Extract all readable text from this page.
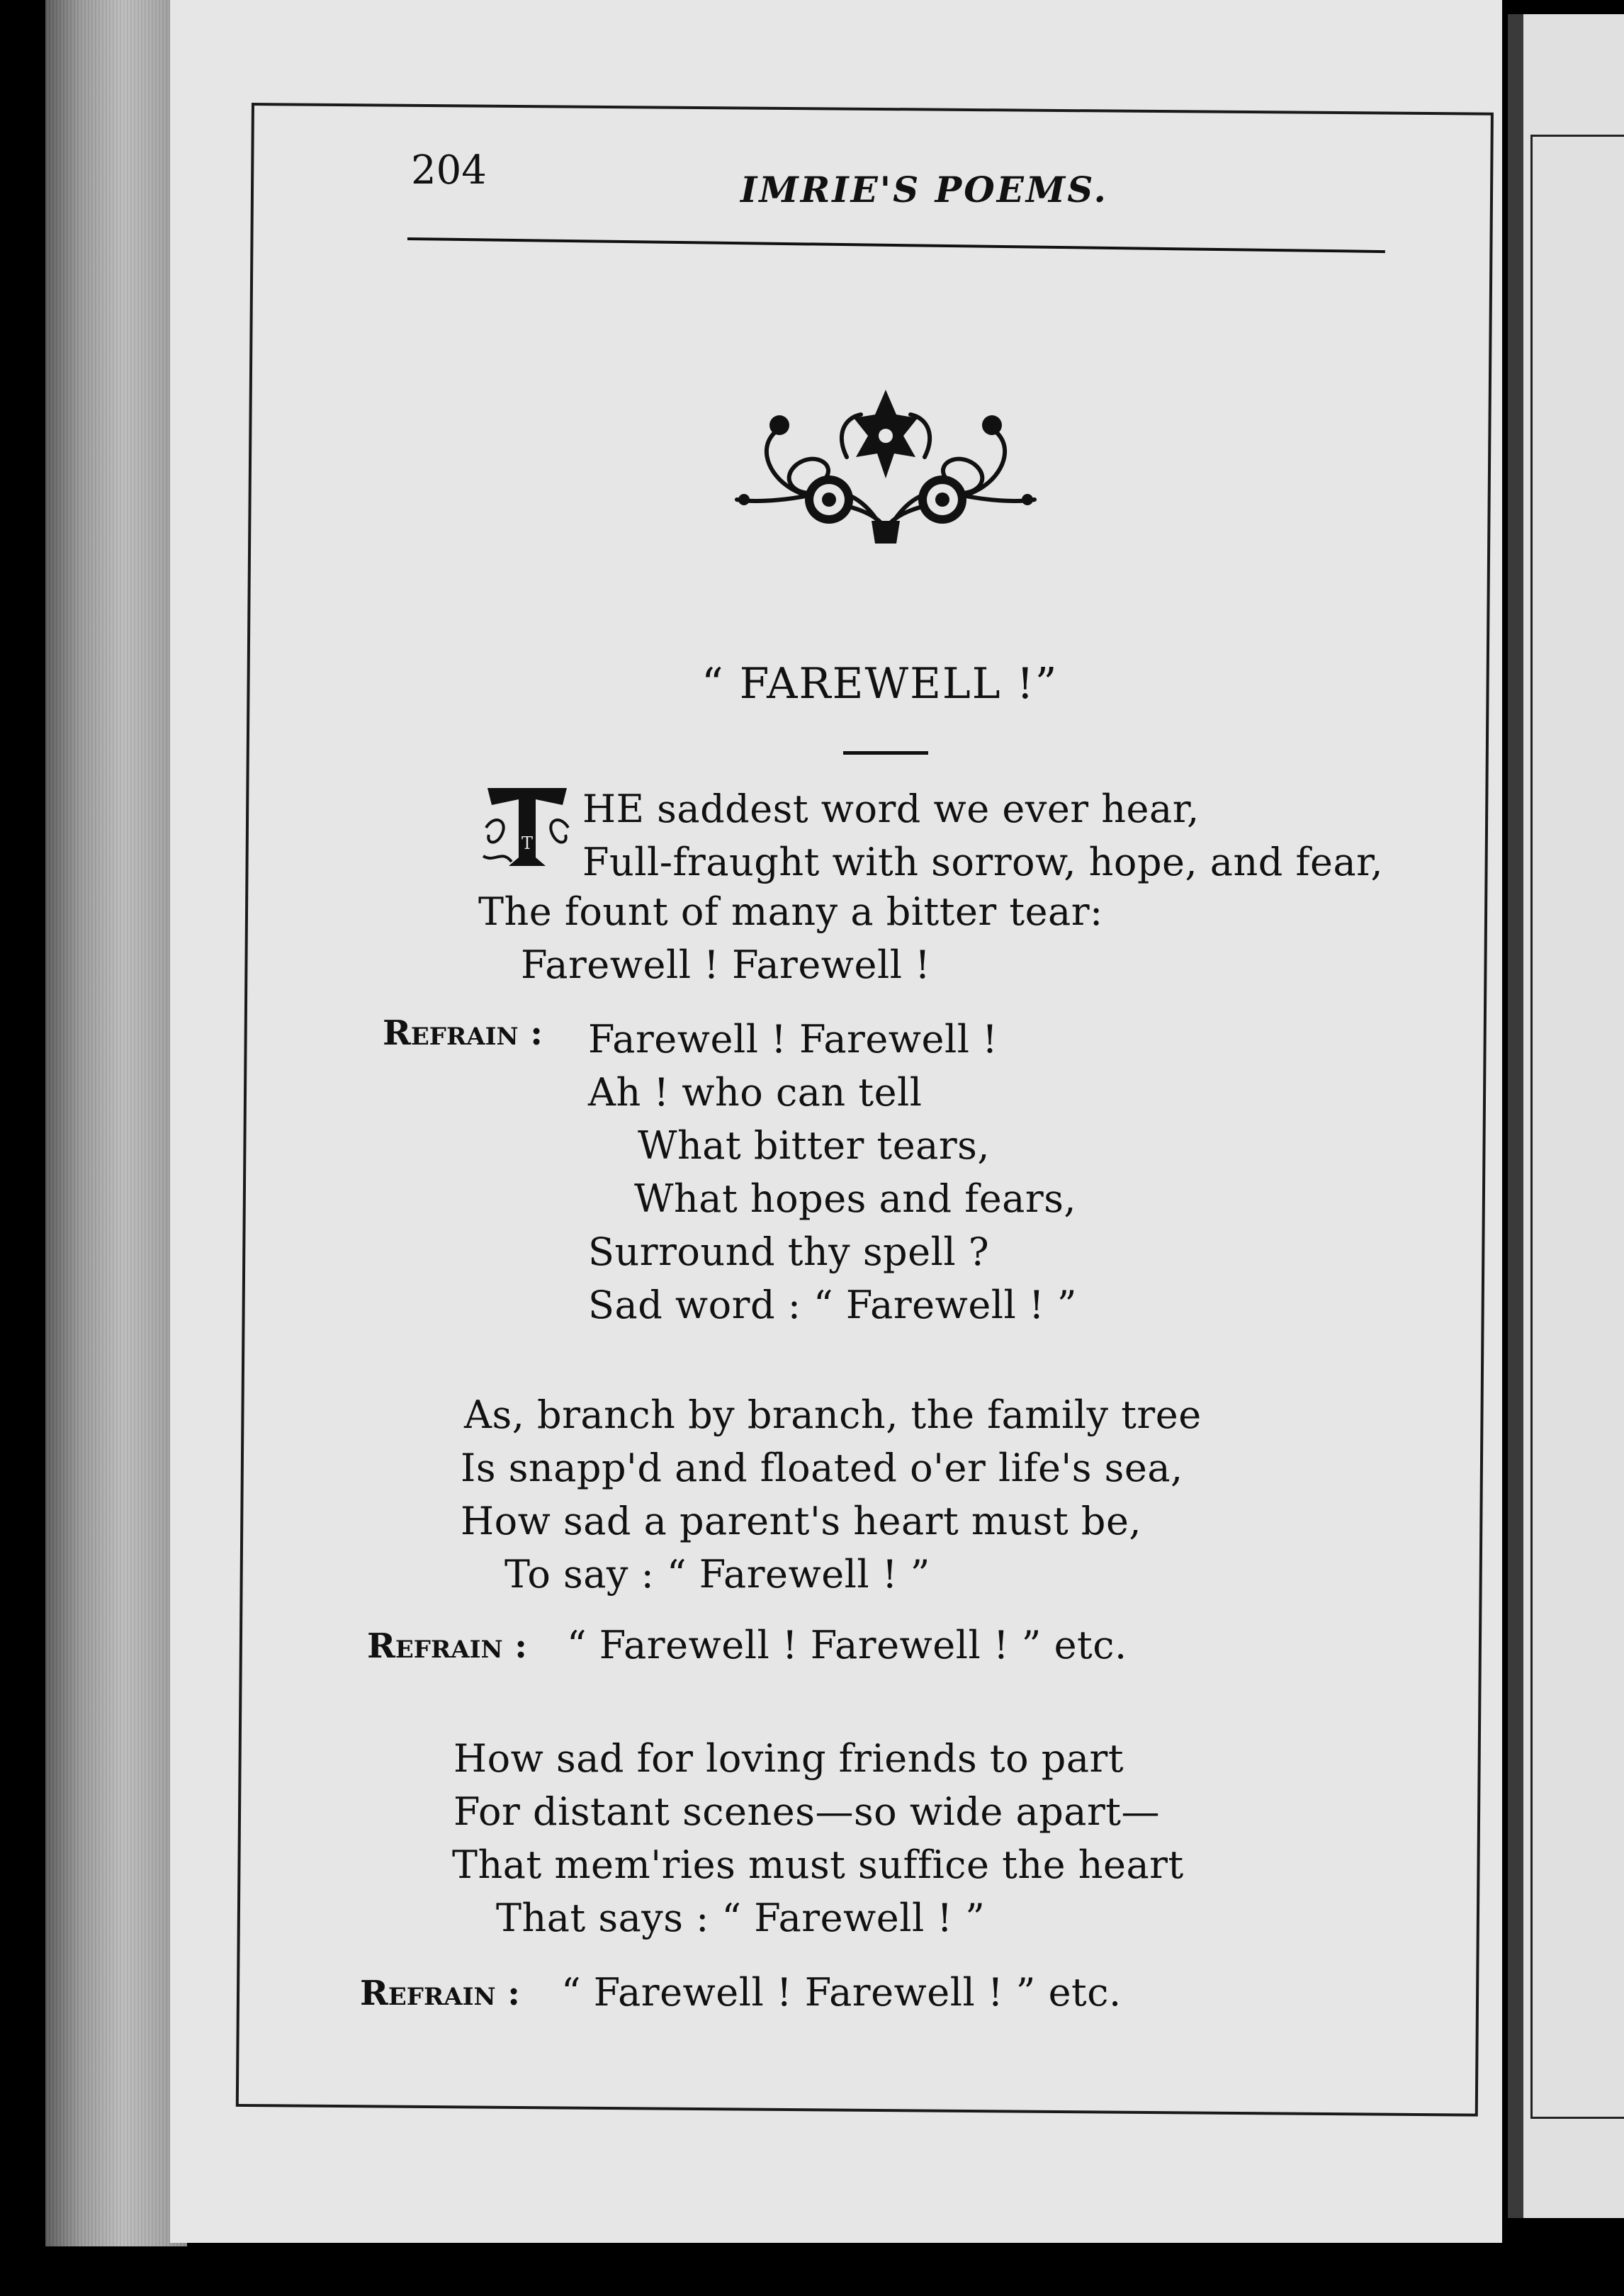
204	IMRIE'S POEMS.
“ FAREWELL !”
T
HE saddest word we ever hear,
Full-fraught with sorrow, hope, and fear,
The fount of many a bitter tear:
Farewell ! Farewell !
Refrain : Farewell ! Farewell !
Ah ! who can tell
What bitter tears,
What hopes and fears,
Surround thy spell ?
Sad word : “ Farewell ! ”
As, branch by branch, the family tree
Is snapp'd and floated o'er life's sea,
How sad a parent's heart must be,
To say : “ Farewell ! ”
Refrain : “ Farewell ! Farewell ! ” etc.
How sad for loving friends to part
For distant scenes—so wide apart—
That mem'ries must suffice the heart
That says : “ Farewell ! ”
Refrain : “ Farewell ! Farewell ! ” etc.
